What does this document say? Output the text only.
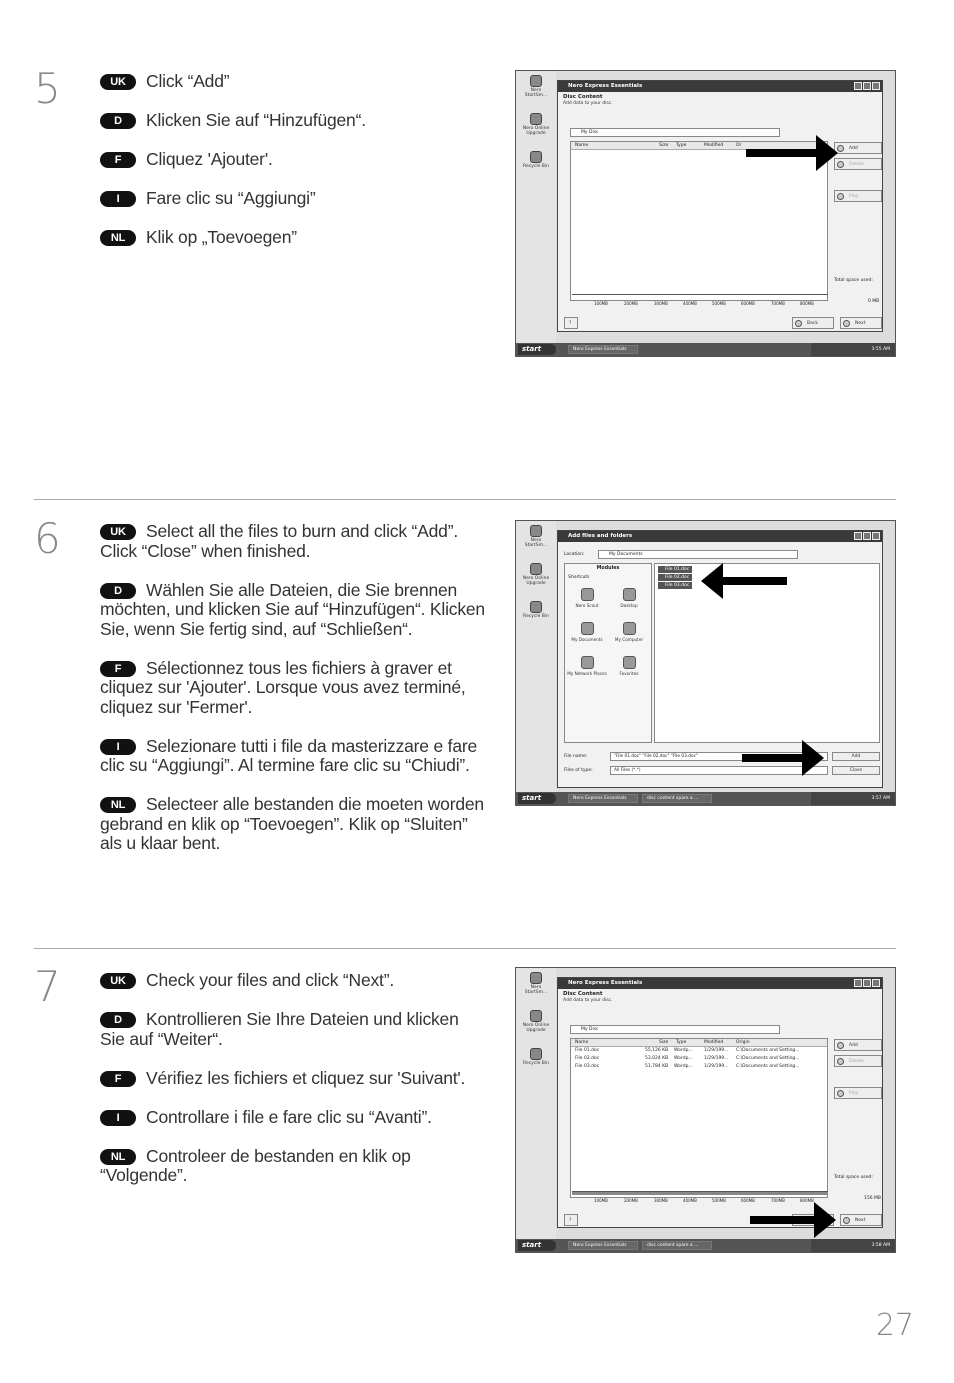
5	UK Click “Add”

D Klicken Sie auf “Hinzufügen“.

F Cliquez 'Ajouter'.

I Fare clic su “Aggiungi”

NL Klik op „Toevoegen”

Nero StartSm...
Nero Online Upgrade
Recycle Bin
Nero Express Essentials
Disc Content
Add data to your disc.
My Disc
Name	Size Type	Modified	Or
Add
Delete
Play
Total space used:
0 MB
100MB	200MB	300MB	400MB	500MB	600MB	700MB	800MB
?	Back	Next
start	Nero Express Essentials	3:55 AM
6	UK Select all the files to burn and click “Add”. Click “Close” when finished.

D Wählen Sie alle Dateien, die Sie brennen möchten, und klicken Sie auf “Hinzufügen“. Klicken Sie, wenn Sie fertig sind, auf “Schließen“.

F Sélectionnez tous les fichiers à graver et cliquez sur 'Ajouter'. Lorsque vous avez terminé, cliquez sur 'Fermer'.

I Selezionare tutti i file da masterizzare e fare clic su “Aggiungi”. Al termine fare clic su “Chiudi”.

NL Selecteer alle bestanden die moeten worden gebrand en klik op “Toevoegen”. Klik op “Sluiten” als u klaar bent.

Nero StartSm...
Nero Online Upgrade
Recycle Bin
Add files and folders
Location:	My Documents
Modules
Shortcuts
Nero Scout	Desktop
My Documents	My Computer
My Network Places	Favorites
File 01.doc
File 02.doc
File 03.doc
File name:	"File 01.doc" "File 02.doc" "File 03.doc"
Files of type:	All Files (*.*)
Add
Close
start	Nero Express Essentials	disc content spare a ...	3:57 AM
7	UK Check your files and click “Next”.

D Kontrollieren Sie Ihre Dateien und klicken Sie auf “Weiter“.

F Vérifiez les fichiers et cliquez sur 'Suivant'.

I Controllare i file e fare clic su “Avanti”.

NL Controleer de bestanden en klik op “Volgende”.

Nero StartSm...
Nero Online Upgrade
Recycle Bin
Nero Express Essentials
Disc Content
Add data to your disc.
My Disc
Name	Size Type	Modified	Origin
File 01.doc	55,126 KB Wordp...	1/29/199... C:\Documents and Setting...
File 02.doc	53,024 KB Wordp...	1/29/199... C:\Documents and Setting...
File 03.doc	51,784 KB Wordp...	1/29/199... C:\Documents and Setting...
Add
Delete
Play
Total space used:
156 MB
100MB	200MB	300MB	400MB	500MB	600MB	700MB	800MB
?	Next
start	Nero Express Essentials	disc content spare a ...	3:58 AM
27
